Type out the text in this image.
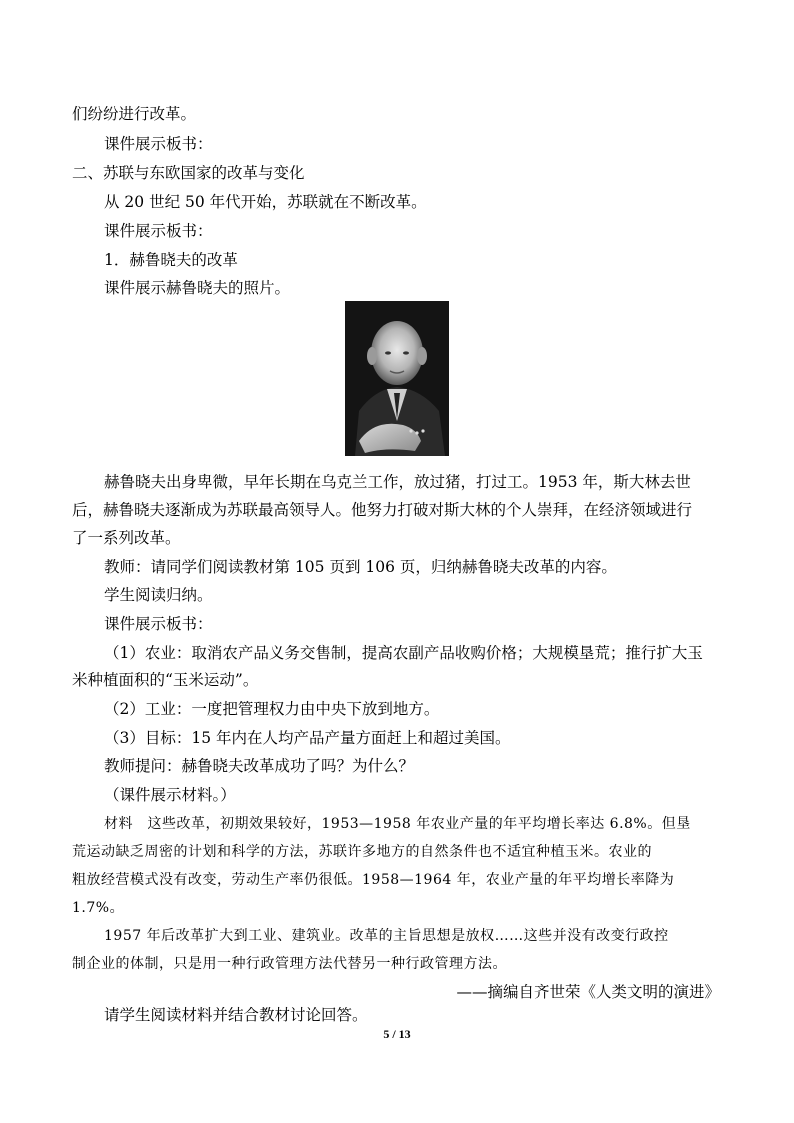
们纷纷进行改革。
课件展示板书：
二、苏联与东欧国家的改革与变化
从 20 世纪 50 年代开始，苏联就在不断改革。
课件展示板书：
1．赫鲁晓夫的改革
课件展示赫鲁晓夫的照片。
赫鲁晓夫出身卑微，早年长期在乌克兰工作，放过猪，打过工。1953 年，斯大林去世
后，赫鲁晓夫逐渐成为苏联最高领导人。他努力打破对斯大林的个人崇拜，在经济领域进行
了一系列改革。
教师：请同学们阅读教材第 105 页到 106 页，归纳赫鲁晓夫改革的内容。
学生阅读归纳。
课件展示板书：
（1）农业：取消农产品义务交售制，提高农副产品收购价格；大规模垦荒；推行扩大玉
米种植面积的“玉米运动”。
（2）工业：一度把管理权力由中央下放到地方。
（3）目标：15 年内在人均产品产量方面赶上和超过美国。
教师提问：赫鲁晓夫改革成功了吗？为什么？
（课件展示材料。）
材料　这些改革，初期效果较好，1953—1958 年农业产量的年平均增长率达 6.8%。但垦
荒运动缺乏周密的计划和科学的方法，苏联许多地方的自然条件也不适宜种植玉米。农业的
粗放经营模式没有改变，劳动生产率仍很低。1958—1964 年，农业产量的年平均增长率降为
1.7%。
1957 年后改革扩大到工业、建筑业。改革的主旨思想是放权……这些并没有改变行政控
制企业的体制，只是用一种行政管理方法代替另一种行政管理方法。
——摘编自齐世荣《人类文明的演进》
请学生阅读材料并结合教材讨论回答。
5 / 13
